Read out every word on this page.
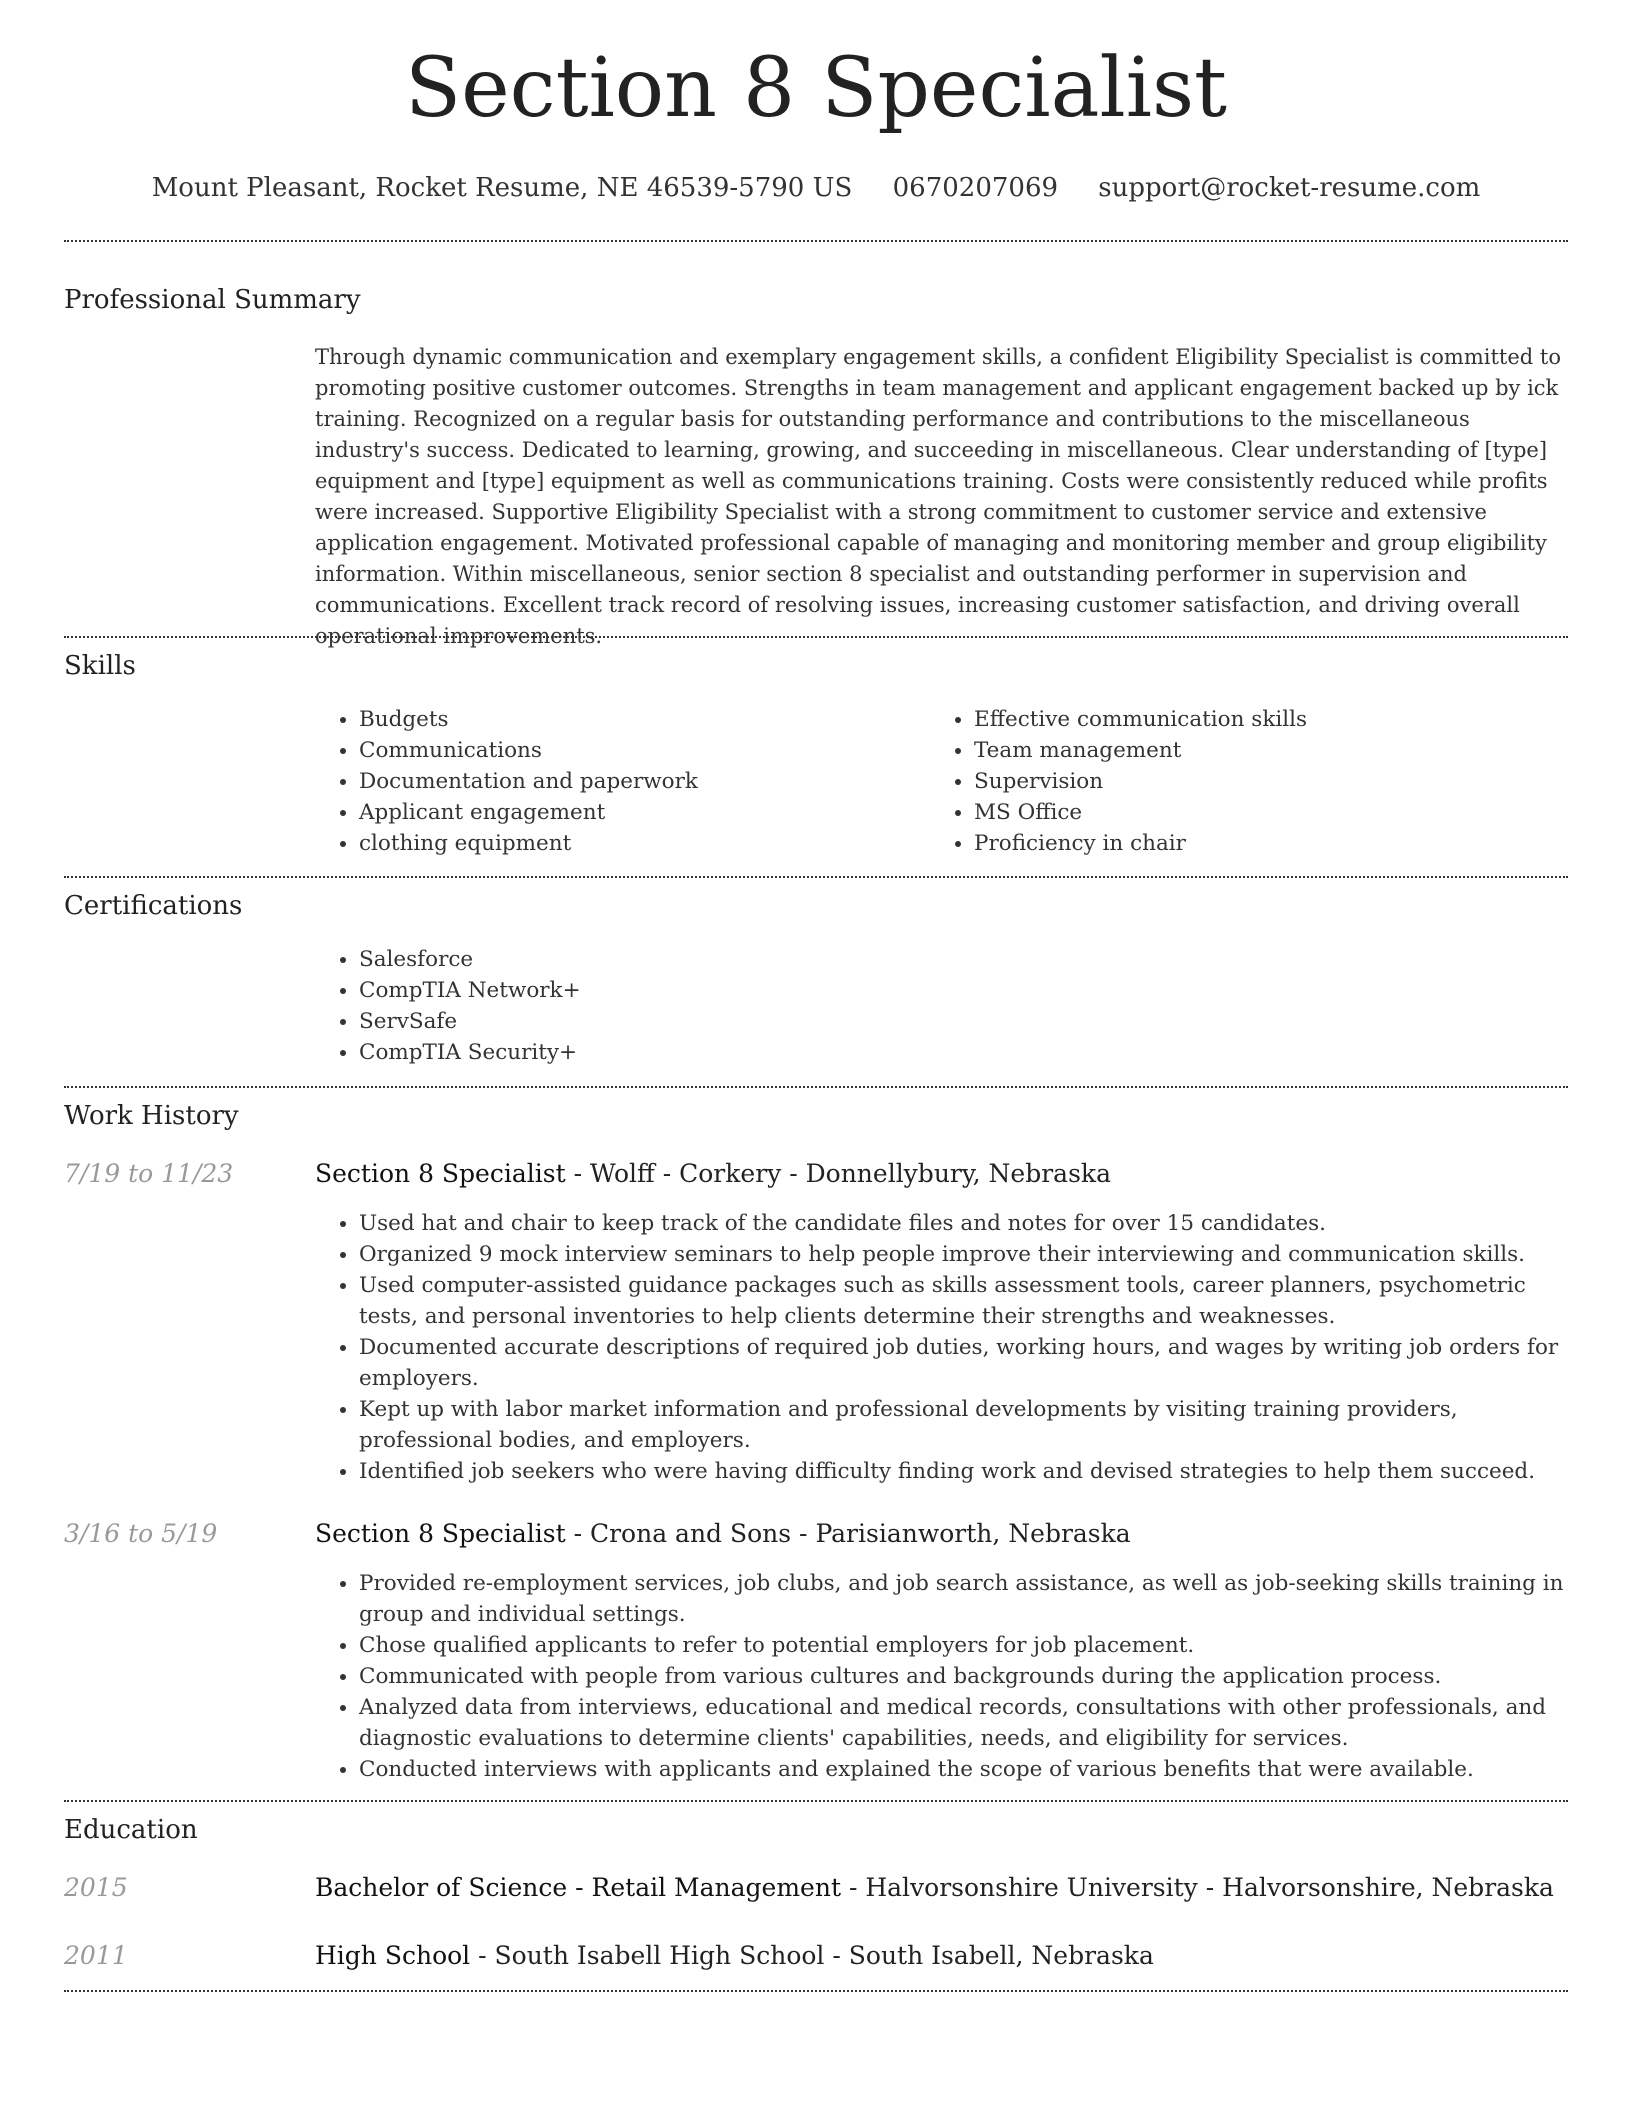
Section 8 Specialist
Mount Pleasant, Rocket Resume, NE 46539-5790 US 0670207069 support@rocket-resume.com
Professional Summary

Through dynamic communication and exemplary engagement skills, a confident Eligibility Specialist is committed to promoting positive customer outcomes. Strengths in team management and applicant engagement backed up by ick training. Recognized on a regular basis for outstanding performance and contributions to the miscellaneous industry's success. Dedicated to learning, growing, and succeeding in miscellaneous. Clear understanding of [type] equipment and [type] equipment as well as communications training. Costs were consistently reduced while profits were increased. Supportive Eligibility Specialist with a strong commitment to customer service and extensive application engagement. Motivated professional capable of managing and monitoring member and group eligibility information. Within miscellaneous, senior section 8 specialist and outstanding performer in supervision and communications. Excellent track record of resolving issues, increasing customer satisfaction, and driving overall operational improvements.

Skills
• Budgets
• Communications
• Documentation and paperwork
• Applicant engagement
• clothing equipment
• Effective communication skills
• Team management
• Supervision
• MS Office
• Proficiency in chair
Certifications
• Salesforce
• CompTIA Network+
• ServSafe
• CompTIA Security+
Work History
7/19 to 11/23	Section 8 Specialist - Wolff - Corkery - Donnellybury, Nebraska
• Used hat and chair to keep track of the candidate files and notes for over 15 candidates.
• Organized 9 mock interview seminars to help people improve their interviewing and communication skills.
• Used computer-assisted guidance packages such as skills assessment tools, career planners, psychometric tests, and personal inventories to help clients determine their strengths and weaknesses.
• Documented accurate descriptions of required job duties, working hours, and wages by writing job orders for employers.
• Kept up with labor market information and professional developments by visiting training providers, professional bodies, and employers.
• Identified job seekers who were having difficulty finding work and devised strategies to help them succeed.
3/16 to 5/19	Section 8 Specialist - Crona and Sons - Parisianworth, Nebraska
• Provided re-employment services, job clubs, and job search assistance, as well as job-seeking skills training in group and individual settings.
• Chose qualified applicants to refer to potential employers for job placement.
• Communicated with people from various cultures and backgrounds during the application process.
• Analyzed data from interviews, educational and medical records, consultations with other professionals, and diagnostic evaluations to determine clients' capabilities, needs, and eligibility for services.
• Conducted interviews with applicants and explained the scope of various benefits that were available.
Education
2015	Bachelor of Science - Retail Management - Halvorsonshire University - Halvorsonshire, Nebraska
2011	High School - South Isabell High School - South Isabell, Nebraska
